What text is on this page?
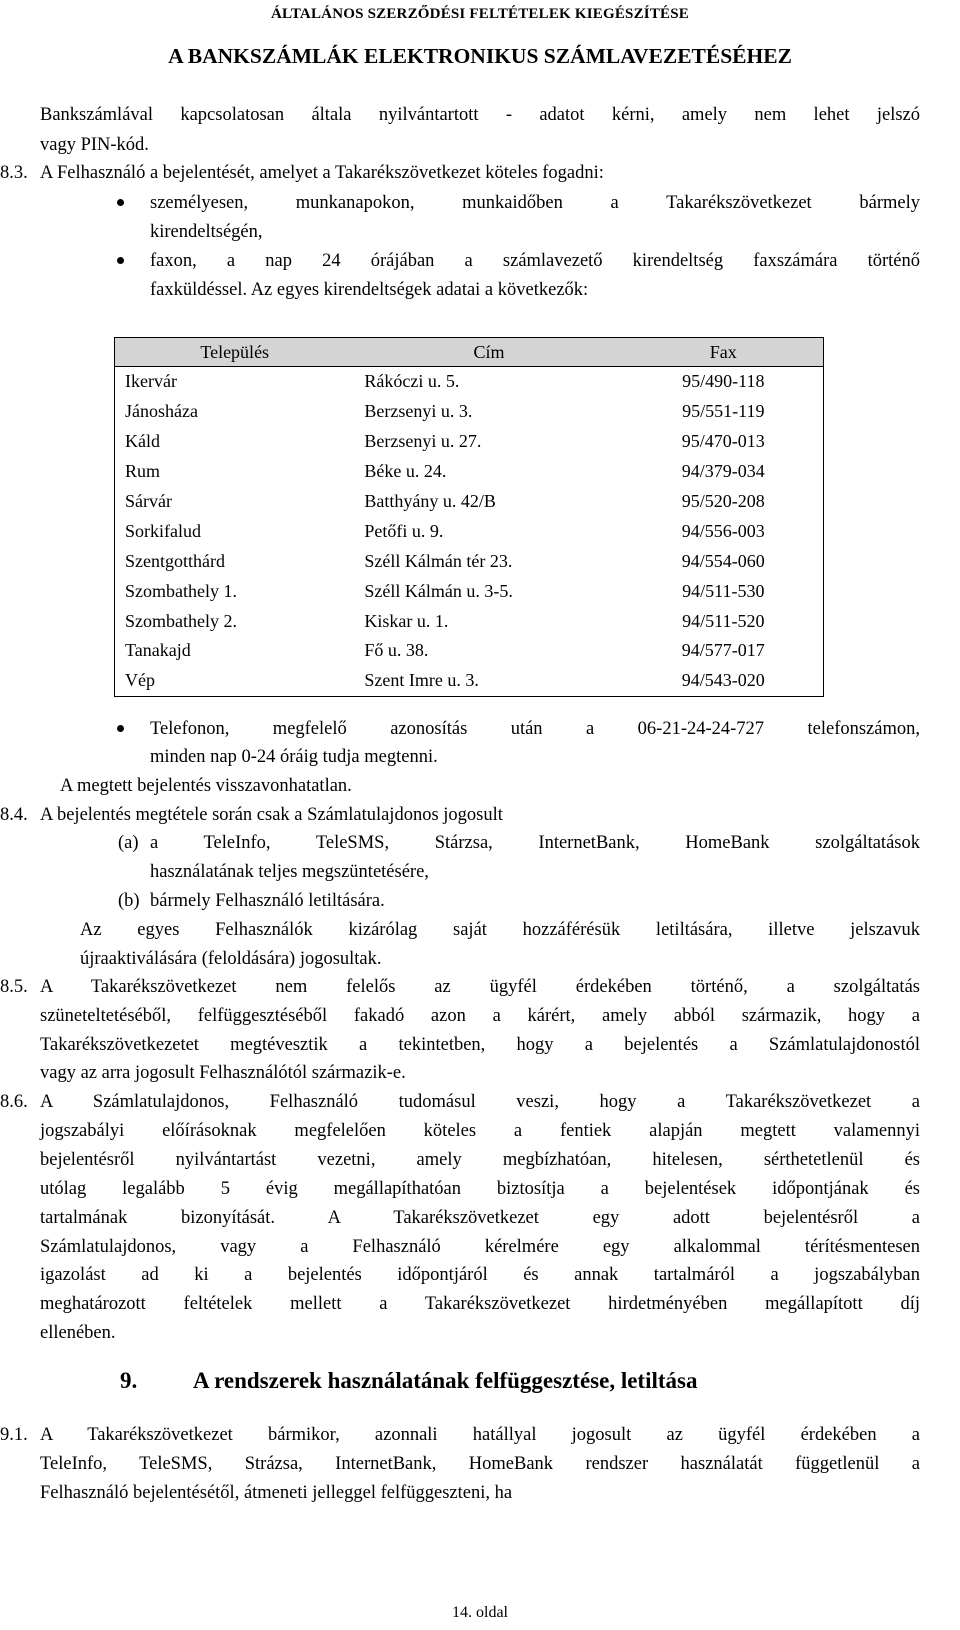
ÁLTALÁNOS SZERZŐDÉSI FELTÉTELEK KIEGÉSZÍTÉSE
A BANKSZÁMLÁK ELEKTRONIKUS SZÁMLAVEZETÉSÉHEZ
Bankszámlával kapcsolatosan általa nyilvántartott - adatot kérni, amely nem lehet jelszó
vagy PIN-kód.
8.3. A Felhasználó a bejelentését, amelyet a Takarékszövetkezet köteles fogadni:
személyesen, munkanapokon, munkaidőben a Takarékszövetkezet bármely
kirendeltségén,
faxon, a nap 24 órájában a számlavezető kirendeltség faxszámára történő
faxküldéssel. Az egyes kirendeltségek adatai a következők:
Település	Cím	Fax
Ikervár	Rákóczi u. 5.	95/490-118
Jánosháza	Berzsenyi u. 3.	95/551-119
Káld	Berzsenyi u. 27.	95/470-013
Rum	Béke u. 24.	94/379-034
Sárvár	Batthyány u. 42/B	95/520-208
Sorkifalud	Petőfi u. 9.	94/556-003
Szentgotthárd	Széll Kálmán tér 23.	94/554-060
Szombathely 1.	Széll Kálmán u. 3-5.	94/511-530
Szombathely 2.	Kiskar u. 1.	94/511-520
Tanakajd	Fő u. 38.	94/577-017
Vép	Szent Imre u. 3.	94/543-020
Telefonon, megfelelő azonosítás után a 06-21-24-24-727 telefonszámon,
minden nap 0-24 óráig tudja megtenni.
A megtett bejelentés visszavonhatatlan.
8.4. A bejelentés megtétele során csak a Számlatulajdonos jogosult
(a) a TeleInfo, TeleSMS, Stárzsa, InternetBank, HomeBank szolgáltatások
használatának teljes megszüntetésére,
(b) bármely Felhasználó letiltására.
Az egyes Felhasználók kizárólag saját hozzáférésük letiltására, illetve jelszavuk
újraaktiválására (feloldására) jogosultak.
8.5. A Takarékszövetkezet nem felelős az ügyfél érdekében történő, a szolgáltatás
szüneteltetéséből, felfüggesztéséből fakadó azon a kárért, amely abból származik, hogy a
Takarékszövetkezetet megtévesztik a tekintetben, hogy a bejelentés a Számlatulajdonostól
vagy az arra jogosult Felhasználótól származik-e.
8.6. A Számlatulajdonos, Felhasználó tudomásul veszi, hogy a Takarékszövetkezet a
jogszabályi előírásoknak megfelelően köteles a fentiek alapján megtett valamennyi
bejelentésről nyilvántartást vezetni, amely megbízhatóan, hitelesen, sérthetetlenül és
utólag legalább 5 évig megállapíthatóan biztosítja a bejelentések időpontjának és
tartalmának bizonyítását. A Takarékszövetkezet egy adott bejelentésről a
Számlatulajdonos, vagy a Felhasználó kérelmére egy alkalommal térítésmentesen
igazolást ad ki a bejelentés időpontjáról és annak tartalmáról a jogszabályban
meghatározott feltételek mellett a Takarékszövetkezet hirdetményében megállapított díj
ellenében.
9. A rendszerek használatának felfüggesztése, letiltása
9.1. A Takarékszövetkezet bármikor, azonnali hatállyal jogosult az ügyfél érdekében a
TeleInfo, TeleSMS, Strázsa, InternetBank, HomeBank rendszer használatát függetlenül a
Felhasználó bejelentésétől, átmeneti jelleggel felfüggeszteni, ha
14. oldal
